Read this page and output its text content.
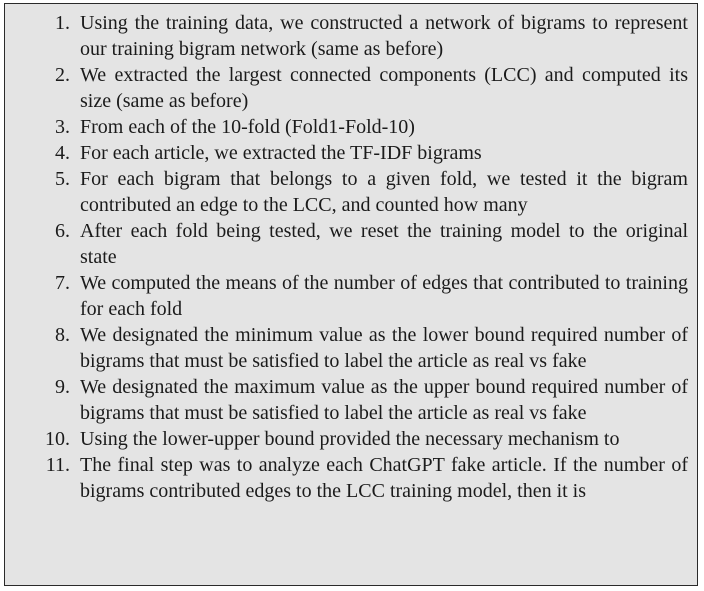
1. Using the training data, we constructed a network of bigrams to represent our training bigram network (same as before)
2. We extracted the largest connected components (LCC) and computed its size (same as before)
3. From each of the 10-fold (Fold1-Fold-10)
4. For each article, we extracted the TF-IDF bigrams
5. For each bigram that belongs to a given fold, we tested it the bigram contributed an edge to the LCC, and counted how many
6. After each fold being tested, we reset the training model to the original state
7. We computed the means of the number of edges that contributed to training for each fold
8. We designated the minimum value as the lower bound required number of bigrams that must be satisfied to label the article as real vs fake
9. We designated the maximum value as the upper bound required number of bigrams that must be satisfied to label the article as real vs fake
10. Using the lower-upper bound provided the necessary mechanism to
11. The final step was to analyze each ChatGPT fake article. If the number of bigrams contributed edges to the LCC training model, then it is
